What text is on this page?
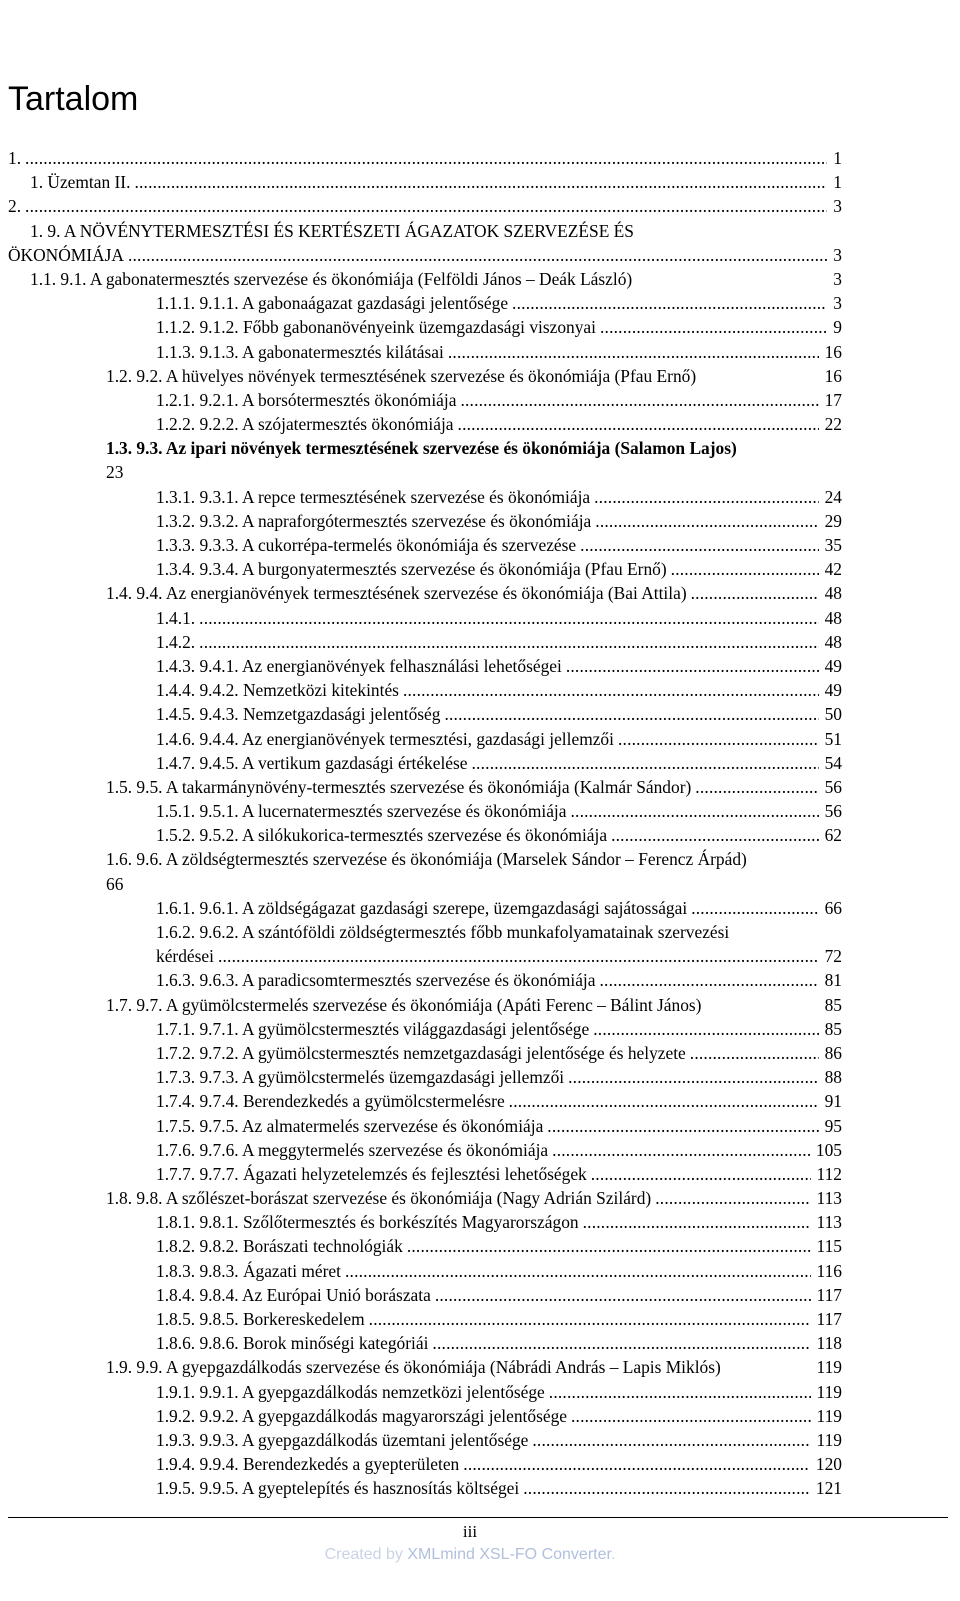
Tartalom
1. .....	1
1. Üzemtan II. .....	1
2. .....	3
1. 9. A NÖVÉNYTERMESZTÉSI ÉS KERTÉSZETI ÁGAZATOK SZERVEZÉSE ÉS
ÖKONÓMIÁJA .....	3
1.1. 9.1. A gabonatermesztés szervezése és ökonómiája (Felföldi János – Deák László)	3
1.1.1. 9.1.1. A gabonaágazat gazdasági jelentősége .....	3
1.1.2. 9.1.2. Főbb gabonanövényeink üzemgazdasági viszonyai .....	9
1.1.3. 9.1.3. A gabonatermesztés kilátásai .....	16
1.2. 9.2. A hüvelyes növények termesztésének szervezése és ökonómiája (Pfau Ernő)	16
1.2.1. 9.2.1. A borsótermesztés ökonómiája .....	17
1.2.2. 9.2.2. A szójatermesztés ökonómiája .....	22
1.3. 9.3. Az ipari növények termesztésének szervezése és ökonómiája (Salamon Lajos)
23
1.3.1. 9.3.1. A repce termesztésének szervezése és ökonómiája .....	24
1.3.2. 9.3.2. A napraforgótermesztés szervezése és ökonómiája .....	29
1.3.3. 9.3.3. A cukorrépa-termelés ökonómiája és szervezése .....	35
1.3.4. 9.3.4. A burgonyatermesztés szervezése és ökonómiája (Pfau Ernő) .....	42
1.4. 9.4. Az energianövények termesztésének szervezése és ökonómiája (Bai Attila) .....	48
1.4.1. .....	48
1.4.2. .....	48
1.4.3. 9.4.1. Az energianövények felhasználási lehetőségei .....	49
1.4.4. 9.4.2. Nemzetközi kitekintés .....	49
1.4.5. 9.4.3. Nemzetgazdasági jelentőség .....	50
1.4.6. 9.4.4. Az energianövények termesztési, gazdasági jellemzői .....	51
1.4.7. 9.4.5. A vertikum gazdasági értékelése .....	54
1.5. 9.5. A takarmánynövény-termesztés szervezése és ökonómiája (Kalmár Sándor) .....	56
1.5.1. 9.5.1. A lucernatermesztés szervezése és ökonómiája .....	56
1.5.2. 9.5.2. A silókukorica-termesztés szervezése és ökonómiája .....	62
1.6. 9.6. A zöldségtermesztés szervezése és ökonómiája (Marselek Sándor – Ferencz Árpád)
66
1.6.1. 9.6.1. A zöldségágazat gazdasági szerepe, üzemgazdasági sajátosságai .....	66
1.6.2. 9.6.2. A szántóföldi zöldségtermesztés főbb munkafolyamatainak szervezési
kérdései .....	72
1.6.3. 9.6.3. A paradicsomtermesztés szervezése és ökonómiája .....	81
1.7. 9.7. A gyümölcstermelés szervezése és ökonómiája (Apáti Ferenc – Bálint János)	85
1.7.1. 9.7.1. A gyümölcstermesztés világgazdasági jelentősége .....	85
1.7.2. 9.7.2. A gyümölcstermesztés nemzetgazdasági jelentősége és helyzete .....	86
1.7.3. 9.7.3. A gyümölcstermelés üzemgazdasági jellemzői .....	88
1.7.4. 9.7.4. Berendezkedés a gyümölcstermelésre .....	91
1.7.5. 9.7.5. Az almatermelés szervezése és ökonómiája .....	95
1.7.6. 9.7.6. A meggytermelés szervezése és ökonómiája .....	105
1.7.7. 9.7.7. Ágazati helyzetelemzés és fejlesztési lehetőségek .....	112
1.8. 9.8. A szőlészet-borászat szervezése és ökonómiája (Nagy Adrián Szilárd) .....	113
1.8.1. 9.8.1. Szőlőtermesztés és borkészítés Magyarországon .....	113
1.8.2. 9.8.2. Borászati technológiák .....	115
1.8.3. 9.8.3. Ágazati méret .....	116
1.8.4. 9.8.4. Az Európai Unió borászata .....	117
1.8.5. 9.8.5. Borkereskedelem .....	117
1.8.6. 9.8.6. Borok minőségi kategóriái .....	118
1.9. 9.9. A gyepgazdálkodás szervezése és ökonómiája (Nábrádi András – Lapis Miklós)	119
1.9.1. 9.9.1. A gyepgazdálkodás nemzetközi jelentősége .....	119
1.9.2. 9.9.2. A gyepgazdálkodás magyarországi jelentősége .....	119
1.9.3. 9.9.3. A gyepgazdálkodás üzemtani jelentősége .....	119
1.9.4. 9.9.4. Berendezkedés a gyepterületen .....	120
1.9.5. 9.9.5. A gyeptelepítés és hasznosítás költségei .....	121
iii
Created by XMLmind XSL-FO Converter.
